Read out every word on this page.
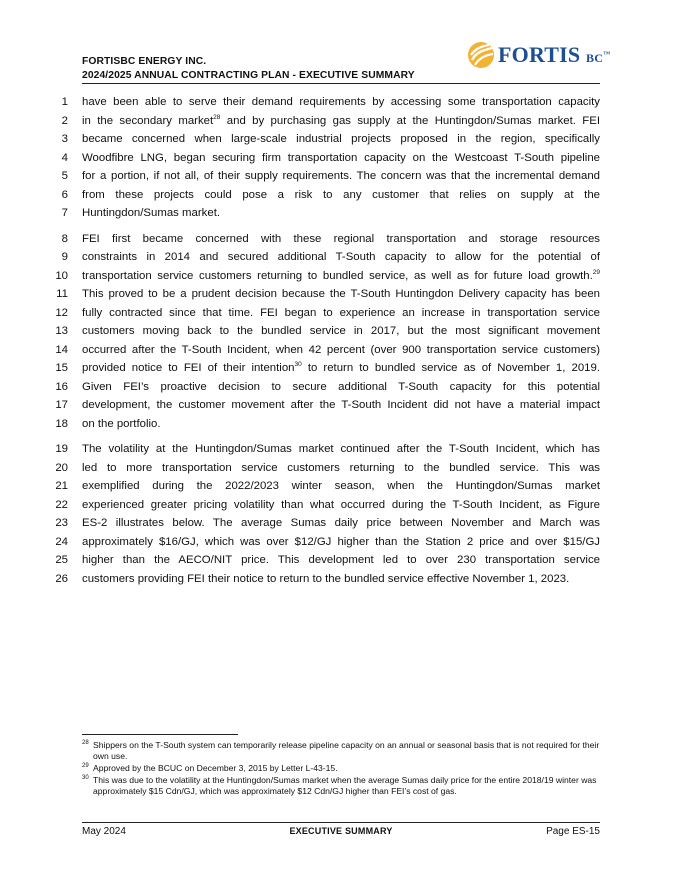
FORTISBC ENERGY INC.
2024/2025 ANNUAL CONTRACTING PLAN - EXECUTIVE SUMMARY
FORTIS BC™
1 have been able to serve their demand requirements by accessing some transportation capacity
2 in the secondary market$^{28}$ and by purchasing gas supply at the Huntingdon/Sumas market. FEI
3 became concerned when large-scale industrial projects proposed in the region, specifically
4 Woodfibre LNG, began securing firm transportation capacity on the Westcoast T-South pipeline
5 for a portion, if not all, of their supply requirements. The concern was that the incremental demand
6 from these projects could pose a risk to any customer that relies on supply at the
7 Huntingdon/Sumas market.
8 FEI first became concerned with these regional transportation and storage resources
9 constraints in 2014 and secured additional T-South capacity to allow for the potential of
10 transportation service customers returning to bundled service, as well as for future load growth.$^{29}$
11 This proved to be a prudent decision because the T-South Huntingdon Delivery capacity has been
12 fully contracted since that time. FEI began to experience an increase in transportation service
13 customers moving back to the bundled service in 2017, but the most significant movement
14 occurred after the T-South Incident, when 42 percent (over 900 transportation service customers)
15 provided notice to FEI of their intention$^{30}$ to return to bundled service as of November 1, 2019.
16 Given FEI’s proactive decision to secure additional T-South capacity for this potential
17 development, the customer movement after the T-South Incident did not have a material impact
18 on the portfolio.
19 The volatility at the Huntingdon/Sumas market continued after the T-South Incident, which has
20 led to more transportation service customers returning to the bundled service. This was
21 exemplified during the 2022/2023 winter season, when the Huntingdon/Sumas market
22 experienced greater pricing volatility than what occurred during the T-South Incident, as Figure
23 ES-2 illustrates below. The average Sumas daily price between November and March was
24 approximately $16/GJ, which was over $12/GJ higher than the Station 2 price and over $15/GJ
25 higher than the AECO/NIT price. This development led to over 230 transportation service
26 customers providing FEI their notice to return to the bundled service effective November 1, 2023.
28 Shippers on the T-South system can temporarily release pipeline capacity on an annual or seasonal basis that is not required for their own use.
29 Approved by the BCUC on December 3, 2015 by Letter L-43-15.
30 This was due to the volatility at the Huntingdon/Sumas market when the average Sumas daily price for the entire 2018/19 winter was approximately $15 Cdn/GJ, which was approximately $12 Cdn/GJ higher than FEI’s cost of gas.
May 2024	EXECUTIVE SUMMARY	Page ES-15
